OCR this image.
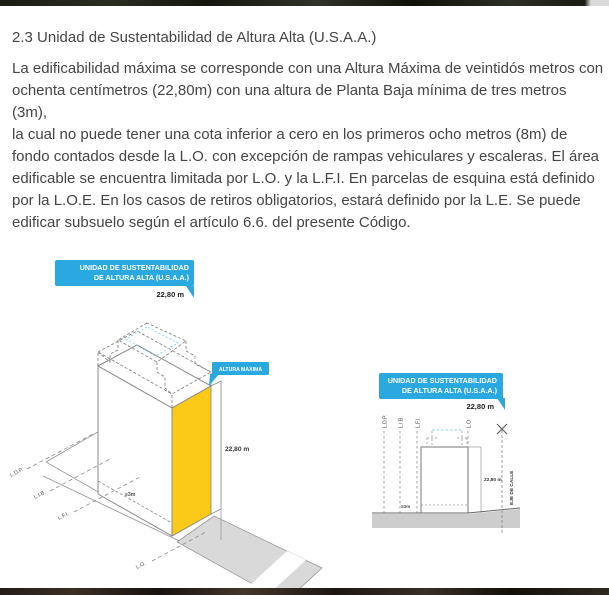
2.3 Unidad de Sustentabilidad de Altura Alta (U.S.A.A.)
La edificabilidad máxima se corresponde con una Altura Máxima de veintidós metros con
ochenta centímetros (22,80m) con una altura de Planta Baja mínima de tres metros (3m),
la cual no puede tener una cota inferior a cero en los primeros ocho metros (8m) de
fondo contados desde la L.O. con excepción de rampas vehiculares y escaleras. El área
edificable se encuentra limitada por L.O. y la L.F.I. En parcelas de esquina está definido
por la L.O.E. En los casos de retiros obligatorios, estará definido por la L.E. Se puede
edificar subsuelo según el artículo 6.6. del presente Código.
L.D.P.
L.I.B.
L.F.I.
L.O.
≥3m
22,80 m
ALTURA MAXIMA
UNIDAD DE SUSTENTABILIDAD
DE ALTURA ALTA (U.S.A.A.)
22,80 m
L.D.P. L.I.B. L.F.I.	L.O.
22,80 m
≥3m
EJE DE CALLE
UNIDAD DE SUSTENTABILIDAD
DE ALTURA ALTA (U.S.A.A.)
22,80 m
